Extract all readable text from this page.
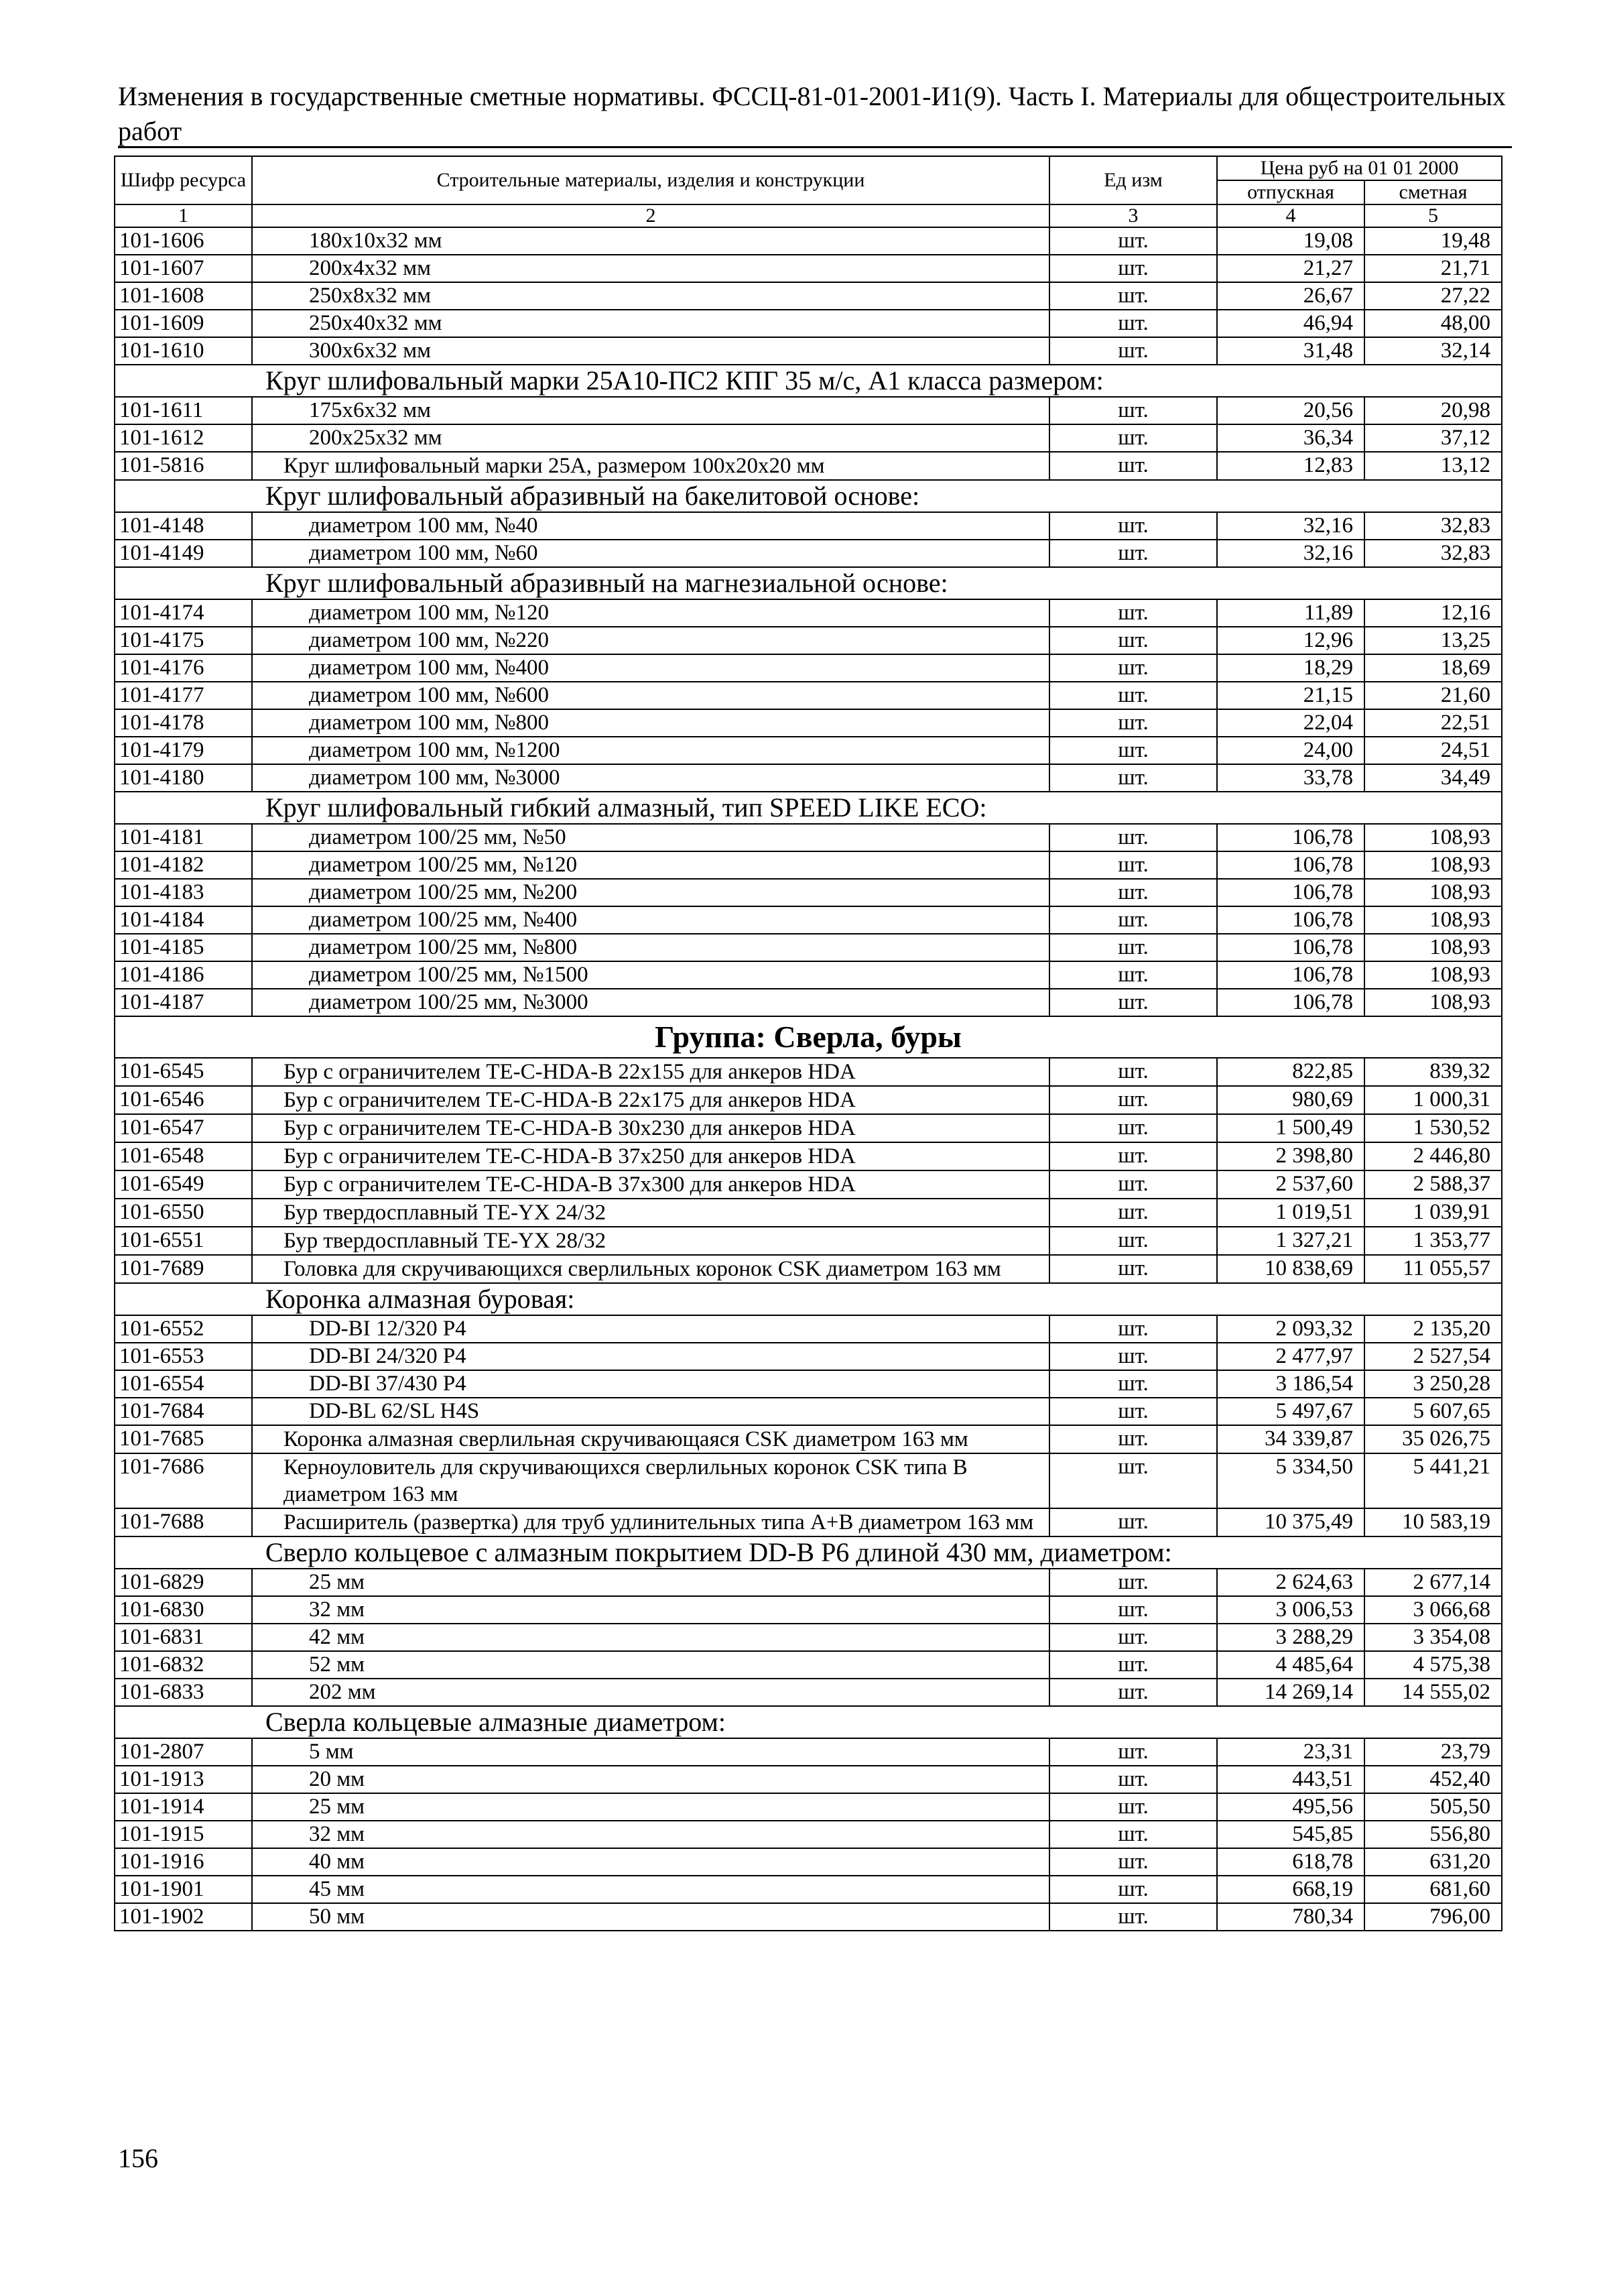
Изменения в государственные сметные нормативы. ФССЦ-81-01-2001-И1(9). Часть I. Материалы для общестроительных работ
Шифр ресурса	Строительные материалы, изделия и конструкции	Ед изм	Цена руб на 01 01 2000	
			отпускная	сметная
1	2	3	4	5
101-1606	180x10x32 мм	шт.	19,08	19,48
101-1607	200x4x32 мм	шт.	21,27	21,71
101-1608	250x8x32 мм	шт.	26,67	27,22
101-1609	250x40x32 мм	шт.	46,94	48,00
101-1610	300x6x32 мм	шт.	31,48	32,14
Круг шлифовальный марки 25А10-ПС2 КПГ 35 м/с, А1 класса размером:				
101-1611	175x6x32 мм	шт.	20,56	20,98
101-1612	200x25x32 мм	шт.	36,34	37,12
101-5816	Круг шлифовальный марки 25А, размером 100x20x20 мм	шт.	12,83	13,12
Круг шлифовальный абразивный на бакелитовой основе:				
101-4148	диаметром 100 мм, №40	шт.	32,16	32,83
101-4149	диаметром 100 мм, №60	шт.	32,16	32,83
Круг шлифовальный абразивный на магнезиальной основе:				
101-4174	диаметром 100 мм, №120	шт.	11,89	12,16
101-4175	диаметром 100 мм, №220	шт.	12,96	13,25
101-4176	диаметром 100 мм, №400	шт.	18,29	18,69
101-4177	диаметром 100 мм, №600	шт.	21,15	21,60
101-4178	диаметром 100 мм, №800	шт.	22,04	22,51
101-4179	диаметром 100 мм, №1200	шт.	24,00	24,51
101-4180	диаметром 100 мм, №3000	шт.	33,78	34,49
Круг шлифовальный гибкий алмазный, тип SPEED LIKE ECO:				
101-4181	диаметром 100/25 мм, №50	шт.	106,78	108,93
101-4182	диаметром 100/25 мм, №120	шт.	106,78	108,93
101-4183	диаметром 100/25 мм, №200	шт.	106,78	108,93
101-4184	диаметром 100/25 мм, №400	шт.	106,78	108,93
101-4185	диаметром 100/25 мм, №800	шт.	106,78	108,93
101-4186	диаметром 100/25 мм, №1500	шт.	106,78	108,93
101-4187	диаметром 100/25 мм, №3000	шт.	106,78	108,93
Группа: Сверла, буры				
101-6545	Бур с ограничителем TE-C-HDA-B 22x155 для анкеров HDA	шт.	822,85	839,32
101-6546	Бур с ограничителем TE-C-HDA-B 22x175 для анкеров HDA	шт.	980,69	1 000,31
101-6547	Бур с ограничителем TE-C-HDA-B 30x230 для анкеров HDA	шт.	1 500,49	1 530,52
101-6548	Бур с ограничителем TE-C-HDA-B 37x250 для анкеров HDA	шт.	2 398,80	2 446,80
101-6549	Бур с ограничителем TE-C-HDA-B 37x300 для анкеров HDA	шт.	2 537,60	2 588,37
101-6550	Бур твердосплавный TE-YX 24/32	шт.	1 019,51	1 039,91
101-6551	Бур твердосплавный TE-YX 28/32	шт.	1 327,21	1 353,77
101-7689	Головка для скручивающихся сверлильных коронок CSK диаметром 163 мм	шт.	10 838,69	11 055,57
Коронка алмазная буровая:				
101-6552	DD-BI 12/320 P4	шт.	2 093,32	2 135,20
101-6553	DD-BI 24/320 P4	шт.	2 477,97	2 527,54
101-6554	DD-BI 37/430 P4	шт.	3 186,54	3 250,28
101-7684	DD-BL 62/SL H4S	шт.	5 497,67	5 607,65
101-7685	Коронка алмазная сверлильная скручивающаяся CSK диаметром 163 мм	шт.	34 339,87	35 026,75
101-7686	Керноуловитель для скручивающихся сверлильных коронок CSK типа В диаметром 163 мм	шт.	5 334,50	5 441,21
101-7688	Расширитель (развертка) для труб удлинительных типа А+В диаметром 163 мм	шт.	10 375,49	10 583,19
Сверло кольцевое с алмазным покрытием DD-B P6 длиной 430 мм, диаметром:				
101-6829	25 мм	шт.	2 624,63	2 677,14
101-6830	32 мм	шт.	3 006,53	3 066,68
101-6831	42 мм	шт.	3 288,29	3 354,08
101-6832	52 мм	шт.	4 485,64	4 575,38
101-6833	202 мм	шт.	14 269,14	14 555,02
Сверла кольцевые алмазные диаметром:				
101-2807	5 мм	шт.	23,31	23,79
101-1913	20 мм	шт.	443,51	452,40
101-1914	25 мм	шт.	495,56	505,50
101-1915	32 мм	шт.	545,85	556,80
101-1916	40 мм	шт.	618,78	631,20
101-1901	45 мм	шт.	668,19	681,60
101-1902	50 мм	шт.	780,34	796,00
156
